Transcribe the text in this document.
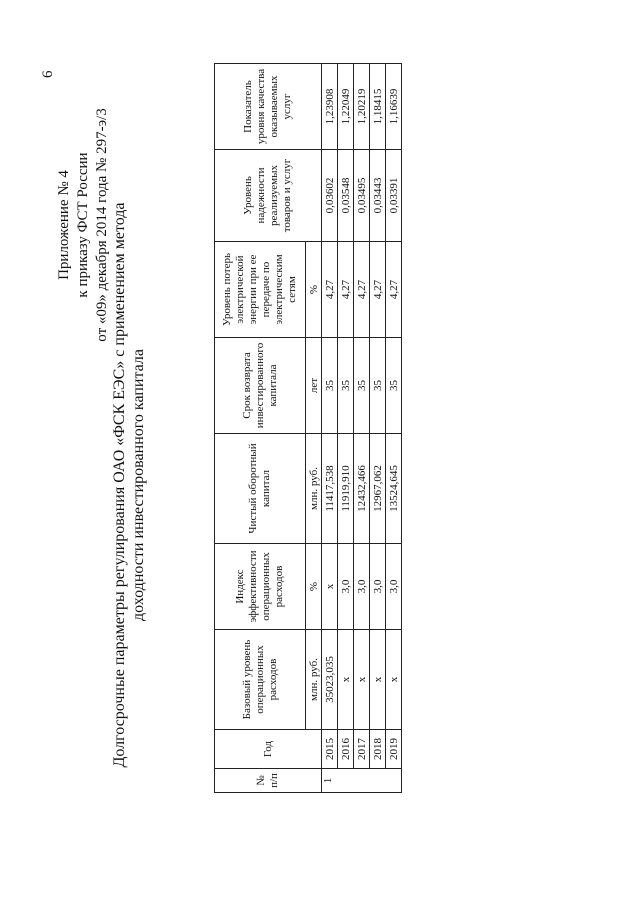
6
Приложение № 4 к приказу ФСТ России от «09» декабря 2014 года № 297-э/3 Долгосрочные параметры регулирования ОАО «ФСК ЕЭС» с применением метода доходности инвестированного капитала
№ п/п	Год	Базовый уровень операционных расходов	Индекс эффективности операционных расходов	Чистый оборотный капитал	Срок возврата инвестированного капитала	Уровень потерь электрической энергии при ее передаче по электрическим сетям	Уровень надежности реализуемых товаров и услуг	Показатель уровня качества оказываемых услуг
		млн. руб.	%	млн. руб.	лет	%		
1	2015	35023,035	х	11417,538	35	4,27	0,03602	1,23908
	2016	х	3,0	11919,910	35	4,27	0,03548	1,22049
	2017	х	3,0	12432,466	35	4,27	0,03495	1,20219
	2018	х	3,0	12967,062	35	4,27	0,03443	1,18415
	2019	х	3,0	13524,645	35	4,27	0,03391	1,16639
